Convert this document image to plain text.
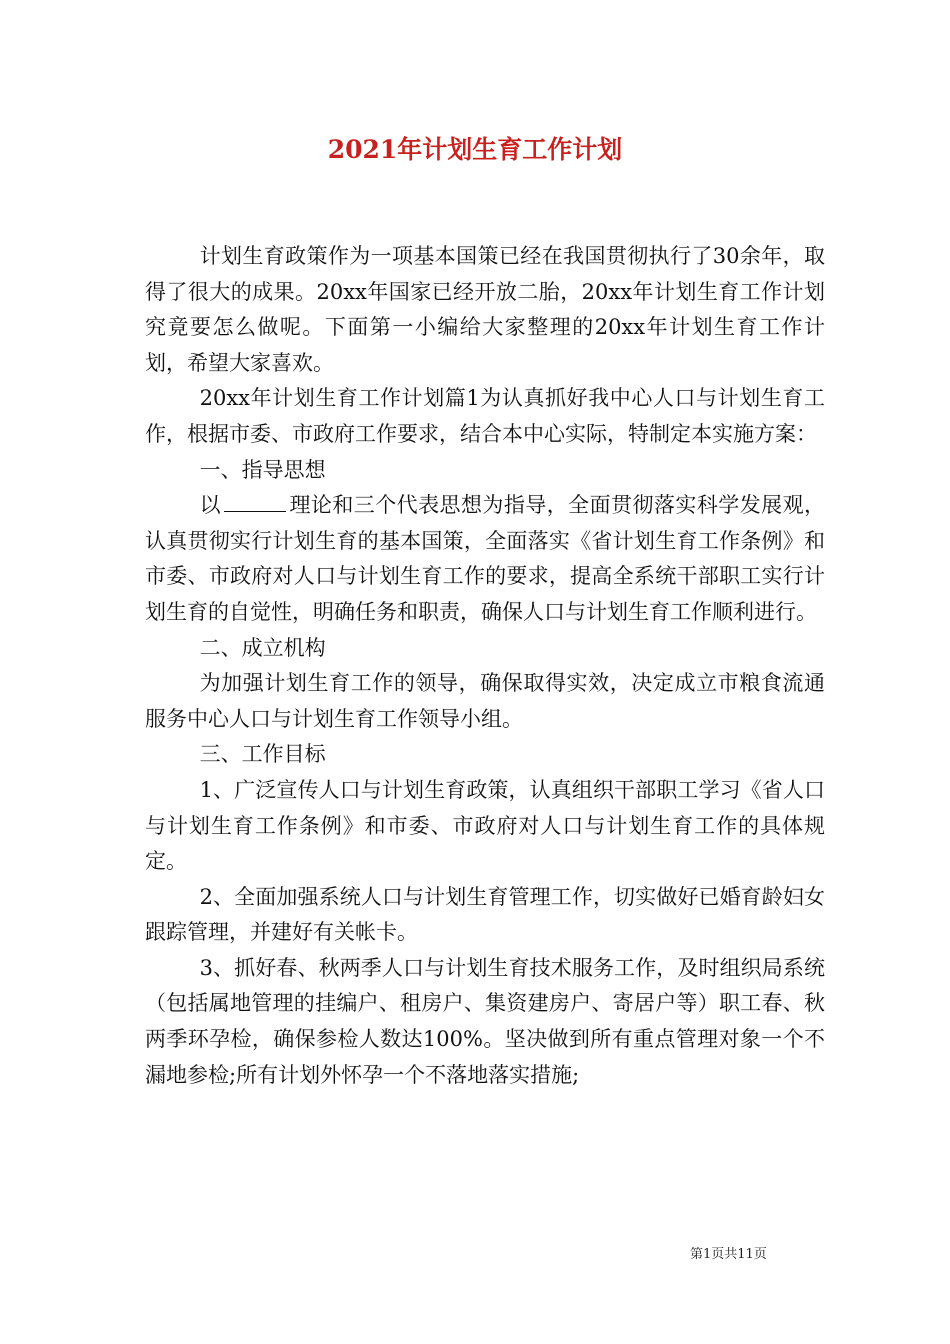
2021年计划生育工作计划

计划生育政策作为一项基本国策已经在我国贯彻执行了30余年，取得了很大的成果。20xx年国家已经开放二胎，20xx年计划生育工作计划究竟要怎么做呢。下面第一小编给大家整理的20xx年计划生育工作计划，希望大家喜欢。

20xx年计划生育工作计划篇1为认真抓好我中心人口与计划生育工作，根据市委、市政府工作要求，结合本中心实际，特制定本实施方案：

一、指导思想

以	理论和三个代表思想为指导，全面贯彻落实科学发展观，认真贯彻实行计划生育的基本国策，全面落实《省计划生育工作条例》和市委、市政府对人口与计划生育工作的要求，提高全系统干部职工实行计划生育的自觉性，明确任务和职责，确保人口与计划生育工作顺利进行。

二、成立机构

为加强计划生育工作的领导，确保取得实效，决定成立市粮食流通服务中心人口与计划生育工作领导小组。

三、工作目标

1、广泛宣传人口与计划生育政策，认真组织干部职工学习《省人口与计划生育工作条例》和市委、市政府对人口与计划生育工作的具体规定。

2、全面加强系统人口与计划生育管理工作，切实做好已婚育龄妇女跟踪管理，并建好有关帐卡。

3、抓好春、秋两季人口与计划生育技术服务工作，及时组织局系统（包括属地管理的挂编户、租房户、集资建房户、寄居户等）职工春、秋两季环孕检，确保参检人数达100%。坚决做到所有重点管理对象一个不漏地参检;所有计划外怀孕一个不落地落实措施;

第1页共11页
